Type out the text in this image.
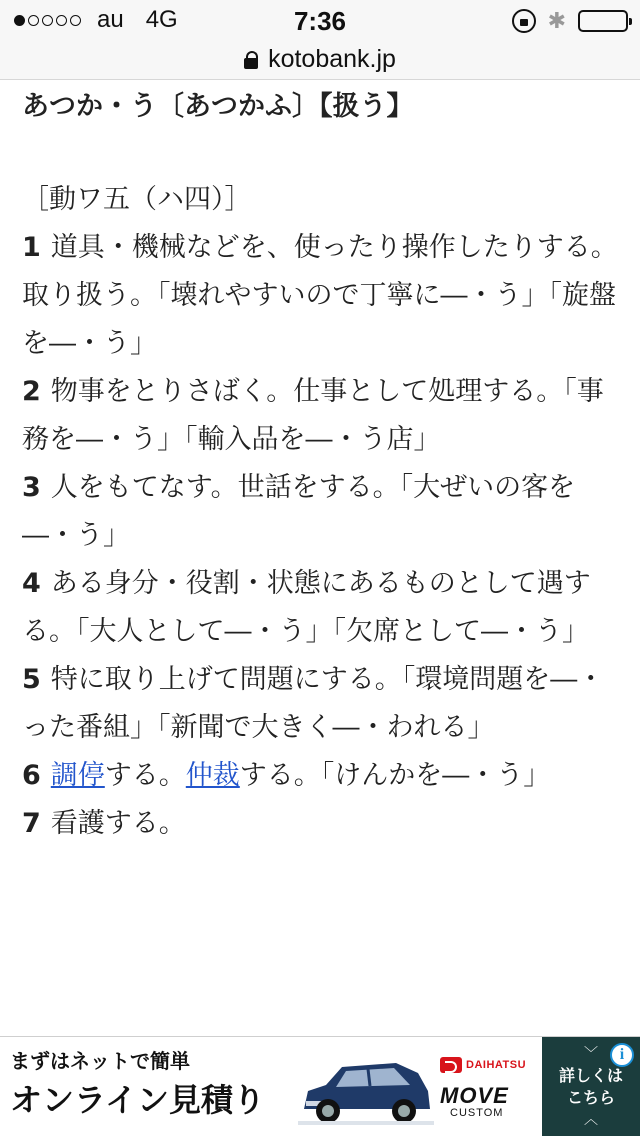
au 4G	7:36	✱
kotobank.jp
あつか・う〔あつかふ〕【扱う】
［動ワ五（ハ四）］
1 道具・機械などを、使ったり操作したりする。取り扱う。「壊れやすいので丁寧に―・う」「旋盤を―・う」
2 物事をとりさばく。仕事として処理する。「事務を―・う」「輸入品を―・う店」
3 人をもてなす。世話をする。「大ぜいの客を―・う」
4 ある身分・役割・状態にあるものとして遇する。「大人として―・う」「欠席として―・う」
5 特に取り上げて問題にする。「環境問題を―・った番組」「新聞で大きく―・われる」
6 調停する。仲裁する。「けんかを―・う」
7 看護する。
まずはネットで簡単
オンライン見積り
DAIHATSU
MOVE
CUSTOM
﹀
詳しくは
こちら
︿
i
